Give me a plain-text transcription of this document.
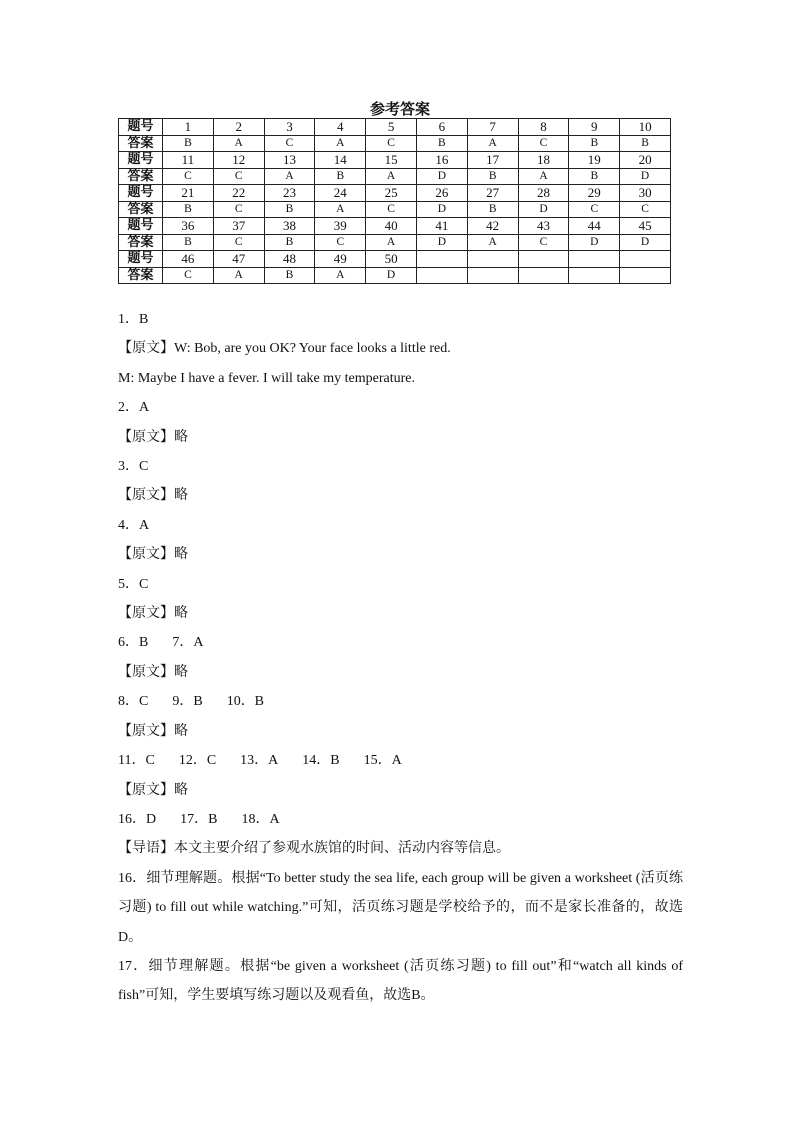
参考答案
题号	1	2	3	4	5	6	7	8	9	10
答案	B	A	C	A	C	B	A	C	B	B
题号	11	12	13	14	15	16	17	18	19	20
答案	C	C	A	B	A	D	B	A	B	D
题号	21	22	23	24	25	26	27	28	29	30
答案	B	C	B	A	C	D	B	D	C	C
题号	36	37	38	39	40	41	42	43	44	45
答案	B	C	B	C	A	D	A	C	D	D
题号	46	47	48	49	50					
答案	C	A	B	A	D					
1．B
【原文】W: Bob, are you OK? Your face looks a little red.
M: Maybe I have a fever. I will take my temperature.
2．A
【原文】略
3．C
【原文】略
4．A
【原文】略
5．C
【原文】略
6．B 7．A
【原文】略
8．C 9．B 10．B
【原文】略
11．C 12．C 13．A 14．B 15．A
【原文】略
16．D 17．B 18．A
【导语】本文主要介绍了参观水族馆的时间、活动内容等信息。
16．细节理解题。根据“To better study the sea life, each group will be given a worksheet (活页练习题) to fill out while watching.”可知，活页练习题是学校给予的，而不是家长准备的，故选D。
17．细节理解题。根据“be given a worksheet (活页练习题) to fill out”和“watch all kinds of fish”可知，学生要填写练习题以及观看鱼，故选B。
